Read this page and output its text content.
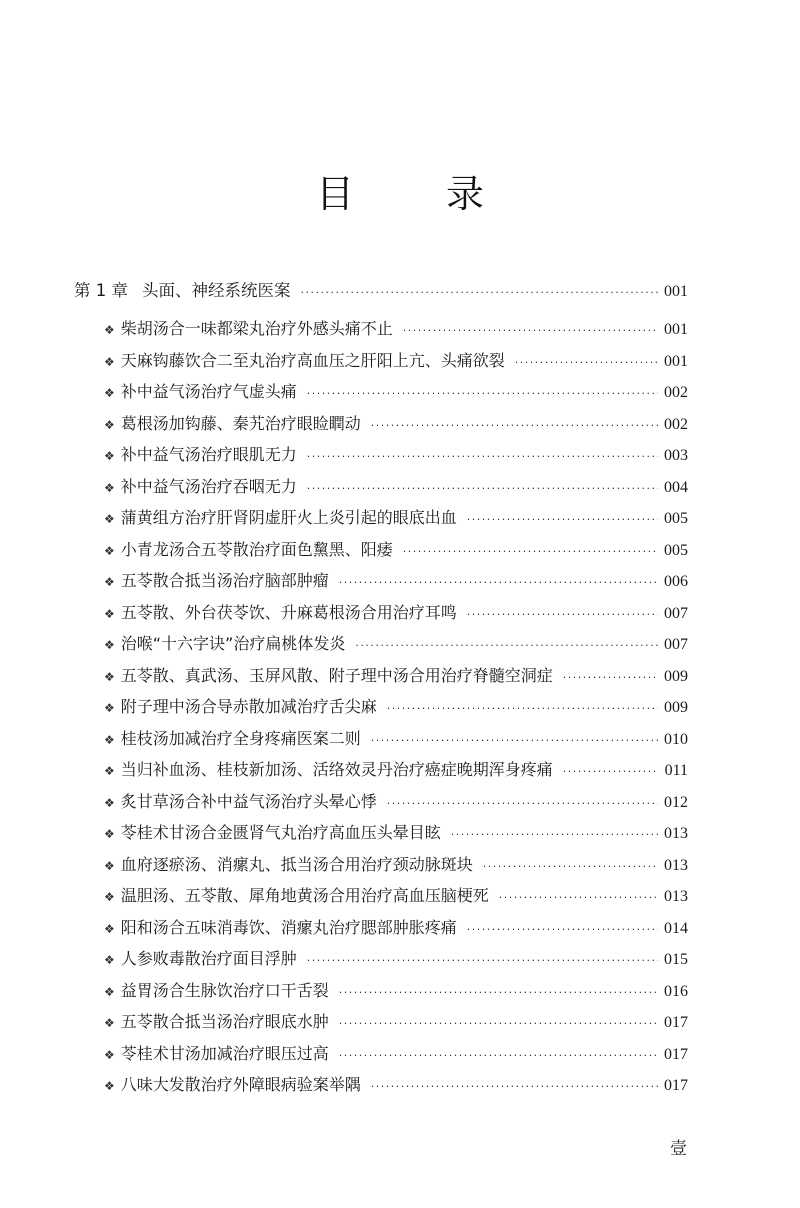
目 录
第 1 章 头面、神经系统医案 ·····	001
❖ 柴胡汤合一味都梁丸治疗外感头痛不止 ·····	001
❖ 天麻钩藤饮合二至丸治疗高血压之肝阳上亢、头痛欲裂 ·····	001
❖ 补中益气汤治疗气虚头痛 ·····	002
❖ 葛根汤加钩藤、秦艽治疗眼睑瞤动 ·····	002
❖ 补中益气汤治疗眼肌无力 ·····	003
❖ 补中益气汤治疗吞咽无力 ·····	004
❖ 蒲黄组方治疗肝肾阴虚肝火上炎引起的眼底出血 ·····	005
❖ 小青龙汤合五苓散治疗面色黧黑、阳痿 ·····	005
❖ 五苓散合抵当汤治疗脑部肿瘤 ·····	006
❖ 五苓散、外台茯苓饮、升麻葛根汤合用治疗耳鸣 ·····	007
❖ 治喉“十六字诀”治疗扁桃体发炎 ·····	007
❖ 五苓散、真武汤、玉屏风散、附子理中汤合用治疗脊髓空洞症 ·····	009
❖ 附子理中汤合导赤散加减治疗舌尖麻 ·····	009
❖ 桂枝汤加减治疗全身疼痛医案二则 ·····	010
❖ 当归补血汤、桂枝新加汤、活络效灵丹治疗癌症晚期浑身疼痛 ·····	011
❖ 炙甘草汤合补中益气汤治疗头晕心悸 ·····	012
❖ 苓桂术甘汤合金匮肾气丸治疗高血压头晕目眩 ·····	013
❖ 血府逐瘀汤、消瘰丸、抵当汤合用治疗颈动脉斑块 ·····	013
❖ 温胆汤、五苓散、犀角地黄汤合用治疗高血压脑梗死 ·····	013
❖ 阳和汤合五味消毒饮、消瘰丸治疗腮部肿胀疼痛 ·····	014
❖ 人参败毒散治疗面目浮肿 ·····	015
❖ 益胃汤合生脉饮治疗口干舌裂 ·····	016
❖ 五苓散合抵当汤治疗眼底水肿 ·····	017
❖ 苓桂术甘汤加减治疗眼压过高 ·····	017
❖ 八味大发散治疗外障眼病验案举隅 ·····	017
壹
